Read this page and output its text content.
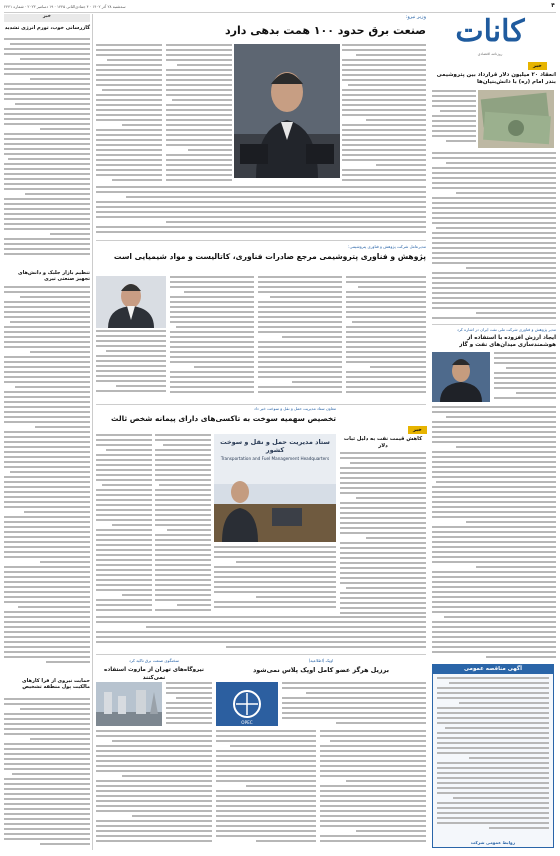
سه‌شنبه ۲۸ آذر ۱۴۰۲ · ۴ جمادی‌الثانی ۱۴۴۵ · ۱۹ دسامبر ۲۰۲۳ · شماره ۲۴۴۱	۴
کانات
روزنامه اقتصادی
خبر
گازرسانی خوب، تورم انرژی تشدید
تنظیم بازار جلبک و دانش‌های تجهیز صنعتی تیری
حمایت نیروی از فرا کارهای مالکیت پول منطقه تشخیص
وزیر نیرو:
صنعت برق حدود ۱۰۰ همت بدهی دارد
خبر
انعقاد ۲۰ میلیون دلار قرارداد بین پتروشیمی بندر امام (ره) با دانش‌بنیان‌ها
مدیرعامل شرکت پژوهش و فناوری پتروشیمی:
پژوهش و فناوری پتروشیمی مرجع صادرات فناوری، کاتالیست و مواد شیمیایی است
مدیر پژوهش و فناوری شرکت ملی نفت ایران در اشاره کرد
ایجاد ارزش افزوده با استفاده از هوشمندسازی میدان‌های نفت و گاز
معاون ستاد مدیریت حمل و نقل و سوخت خبر داد
تخصیص سهمیه سوخت به تاکسی‌های دارای پیمانه شخص ثالث
ستاد مدیریت حمل و نقل و سوخت کشور
Transportation and Fuel Management Headquarters
خبر
کاهش قیمت نفت به دلیل ثبات دلار
سخنگوی صنعت برق تاکید کرد
نیروگاه‌های تهران از مازوت استفاده نمی‌کنند
اوپک (اطلاعیه)
برزیل هرگز عضو کامل اوپک پلاس نمی‌شود
OPEC
آگهی مناقصه عمومی
روابط عمومی شرکت
